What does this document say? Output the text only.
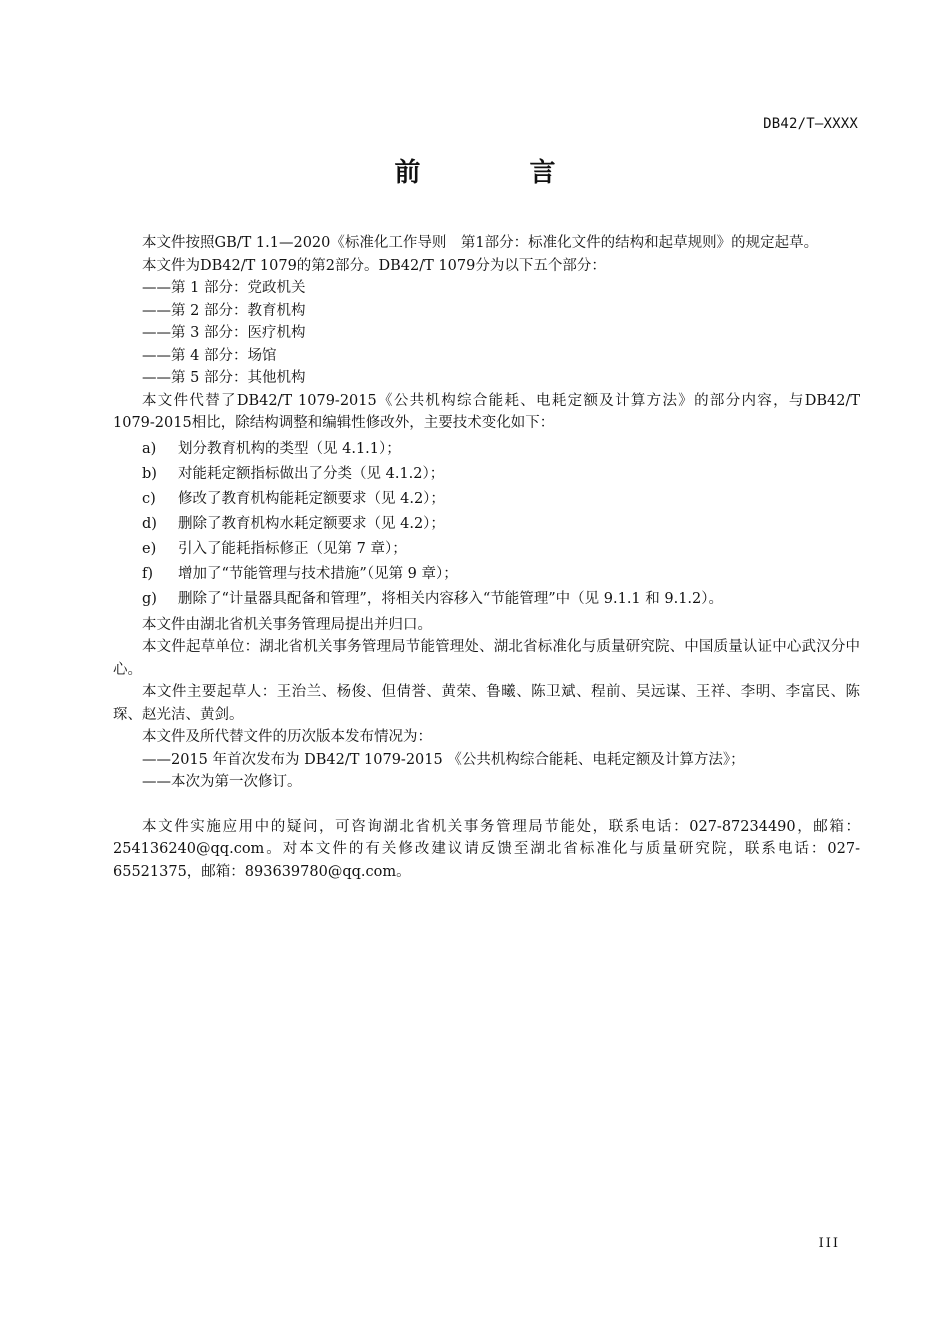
DB42/T—XXXX
前 言

本文件按照GB/T 1.1—2020《标准化工作导则　第1部分：标准化文件的结构和起草规则》的规定起草。

本文件为DB42/T 1079的第2部分。DB42/T 1079分为以下五个部分：

——第 1 部分：党政机关

——第 2 部分：教育机构

——第 3 部分：医疗机构

——第 4 部分：场馆

——第 5 部分：其他机构

本文件代替了DB42/T 1079-2015《公共机构综合能耗、电耗定额及计算方法》的部分内容，与DB42/T 1079-2015相比，除结构调整和编辑性修改外，主要技术变化如下：

a)	划分教育机构的类型（见 4.1.1）；
b)	对能耗定额指标做出了分类（见 4.1.2）；
c)	修改了教育机构能耗定额要求（见 4.2）；
d)	删除了教育机构水耗定额要求（见 4.2）；
e)	引入了能耗指标修正（见第 7 章）；
f)	增加了“节能管理与技术措施”（见第 9 章）；
g)	删除了“计量器具配备和管理”，将相关内容移入“节能管理”中（见 9.1.1 和 9.1.2）。

本文件由湖北省机关事务管理局提出并归口。

本文件起草单位：湖北省机关事务管理局节能管理处、湖北省标准化与质量研究院、中国质量认证中心武汉分中心。

本文件主要起草人：王治兰、杨俊、但倩誉、黄荣、鲁曦、陈卫斌、程前、吴远谋、王祥、李明、李富民、陈琛、赵光洁、黄剑。

本文件及所代替文件的历次版本发布情况为：

——2015 年首次发布为 DB42/T 1079-2015 《公共机构综合能耗、电耗定额及计算方法》；

——本次为第一次修订。

本文件实施应用中的疑问，可咨询湖北省机关事务管理局节能处，联系电话：027-87234490，邮箱：254136240@qq.com。对本文件的有关修改建议请反馈至湖北省标准化与质量研究院，联系电话：027-65521375，邮箱：893639780@qq.com。

III
